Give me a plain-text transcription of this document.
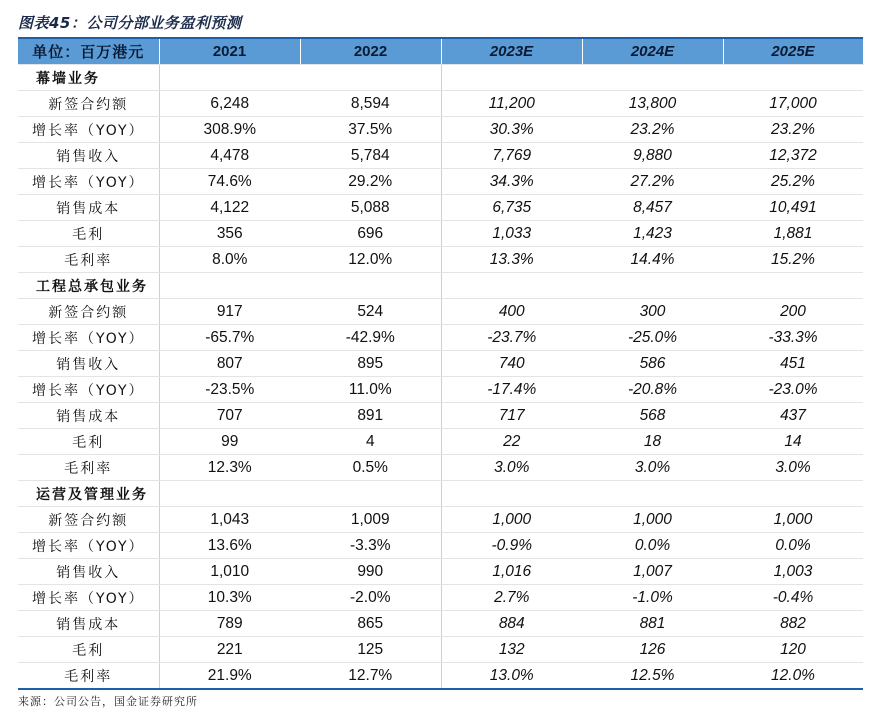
图表45：公司分部业务盈利预测
单位：百万港元	2021	2022	2023E	2024E	2025E
幕墙业务					
新签合约额	6,248	8,594	11,200	13,800	17,000
增长率（YOY）	308.9%	37.5%	30.3%	23.2%	23.2%
销售收入	4,478	5,784	7,769	9,880	12,372
增长率（YOY）	74.6%	29.2%	34.3%	27.2%	25.2%
销售成本	4,122	5,088	6,735	8,457	10,491
毛利	356	696	1,033	1,423	1,881
毛利率	8.0%	12.0%	13.3%	14.4%	15.2%
工程总承包业务					
新签合约额	917	524	400	300	200
增长率（YOY）	-65.7%	-42.9%	-23.7%	-25.0%	-33.3%
销售收入	807	895	740	586	451
增长率（YOY）	-23.5%	11.0%	-17.4%	-20.8%	-23.0%
销售成本	707	891	717	568	437
毛利	99	4	22	18	14
毛利率	12.3%	0.5%	3.0%	3.0%	3.0%
运营及管理业务					
新签合约额	1,043	1,009	1,000	1,000	1,000
增长率（YOY）	13.6%	-3.3%	-0.9%	0.0%	0.0%
销售收入	1,010	990	1,016	1,007	1,003
增长率（YOY）	10.3%	-2.0%	2.7%	-1.0%	-0.4%
销售成本	789	865	884	881	882
毛利	221	125	132	126	120
毛利率	21.9%	12.7%	13.0%	12.5%	12.0%
来源：公司公告，国金证券研究所
